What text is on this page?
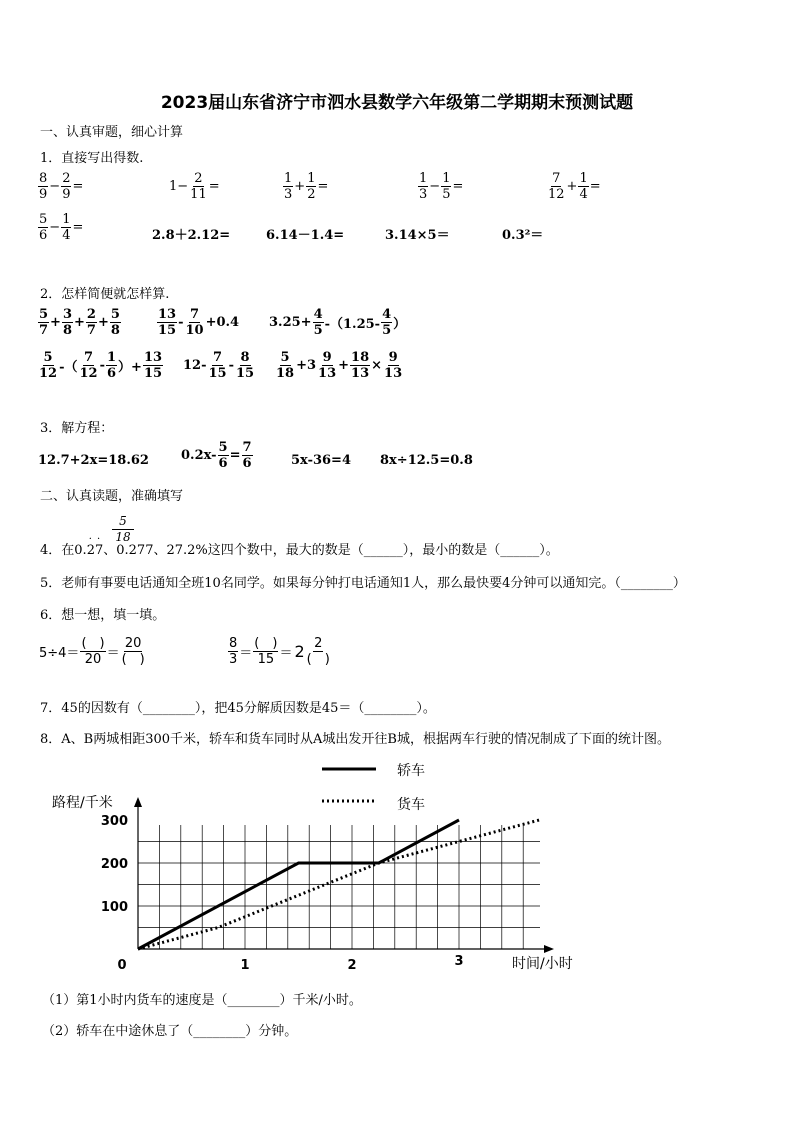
2023届山东省济宁市泗水县数学六年级第二学期期末预测试题
一、认真审题，细心计算
1．直接写出得数.
$\frac{8}{9} - \frac{2}{9}$ =	$1- \frac{2}{11}$ =	$\frac{1}{3} + \frac{1}{2}$ =	$\frac{1}{3} - \frac{1}{5}$ =	$\frac{7}{12} + \frac{1}{4}$ =
$\frac{5}{6} - \frac{1}{4}$ =
2.8＋2.12=	6.14－1.4=	3.14×5＝	0.3²＝
2．怎样简便就怎样算.
$\frac{5}{7} + \frac{3}{8} + \frac{2}{7} + \frac{5}{8}$	$\frac{13}{15} - \frac{7}{10} +0.4$ $3.25+ \frac{4}{5} -(1.25- \frac{4}{5}$ ）
$\frac{5}{12}$ -（ $\frac{7}{12} - \frac{1}{6}$ ）+ $\frac{13}{15} 12- \frac{7}{15} - \frac{8}{15} \frac{5}{18} +3 \frac{9}{13} + \frac{18}{13} \times \frac{9}{13}$
3．解方程：
12.7+2x=18.62 $0.2x- \frac{5}{6} = \frac{7}{6}$	5x-36=4 8x÷12.5=0.8
二、认真读题，准确填写
4．在0.
·
2
·
7、0.277、27.2%这四个数中，最大的数是（______），最小的数是（______）。
5
18
5．老师有事要电话通知全班10名同学。如果每分钟打电话通知1人，那么最快要4分钟可以通知完。（________）
6．想一想，填一填。
$5\div 4= \frac{( )}{20} = \frac{20}{( )}$	$\frac{8}{3} = \frac{( )}{15} = 2 \frac{2}{( )}$
7．45的因数有（________），把45分解质因数是45＝（________）。
8．A、B两城相距300千米，轿车和货车同时从A城出发开往B城，根据两车行驶的情况制成了下面的统计图。
轿车
货车
路程/千米
时间/小时
100
200
300
0	1	2	3
（1）第1小时内货车的速度是（________）千米/小时。
（2）轿车在中途休息了（________）分钟。
